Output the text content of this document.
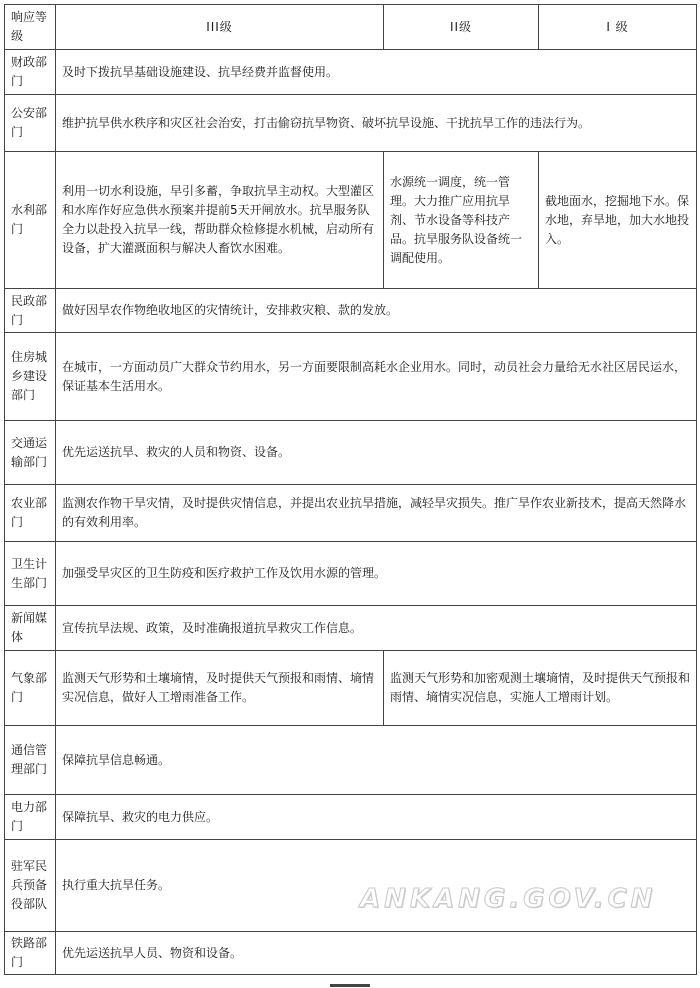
响应等级	III级	II级	I 级
财政部门	及时下拨抗旱基础设施建设、抗旱经费并监督使用。		
公安部门	维护抗旱供水秩序和灾区社会治安，打击偷窃抗旱物资、破坏抗旱设施、干扰抗旱工作的违法行为。		
水利部门	利用一切水利设施，早引多蓄，争取抗旱主动权。大型灌区和水库作好应急供水预案并提前5天开闸放水。抗旱服务队全力以赴投入抗旱一线，帮助群众检修提水机械，启动所有设备，扩大灌溉面积与解决人畜饮水困难。	水源统一调度，统一管理。大力推广应用抗旱剂、节水设备等科技产品。抗旱服务队设备统一调配使用。	截地面水，挖掘地下水。保水地，弃旱地，加大水地投入。
民政部门	做好因旱农作物绝收地区的灾情统计，安排救灾粮、款的发放。		
住房城乡建设部门	在城市，一方面动员广大群众节约用水，另一方面要限制高耗水企业用水。同时，动员社会力量给无水社区居民运水，保证基本生活用水。		
交通运输部门	优先运送抗旱、救灾的人员和物资、设备。		
农业部门	监测农作物干旱灾情，及时提供灾情信息，并提出农业抗旱措施，减轻旱灾损失。推广旱作农业新技术，提高天然降水的有效利用率。		
卫生计生部门	加强受旱灾区的卫生防疫和医疗救护工作及饮用水源的管理。		
新闻媒体	宣传抗旱法规、政策，及时准确报道抗旱救灾工作信息。		
气象部门	监测天气形势和土壤墒情，及时提供天气预报和雨情、墒情实况信息，做好人工增雨准备工作。	监测天气形势和加密观测土壤墒情，及时提供天气预报和雨情、墒情实况信息，实施人工增雨计划。	
通信管理部门	保障抗旱信息畅通。		
电力部门	保障抗旱、救灾的电力供应。		
驻军民兵预备役部队	执行重大抗旱任务。		
铁路部门	优先运送抗旱人员、物资和设备。		
ANKANG.GOV.CN
